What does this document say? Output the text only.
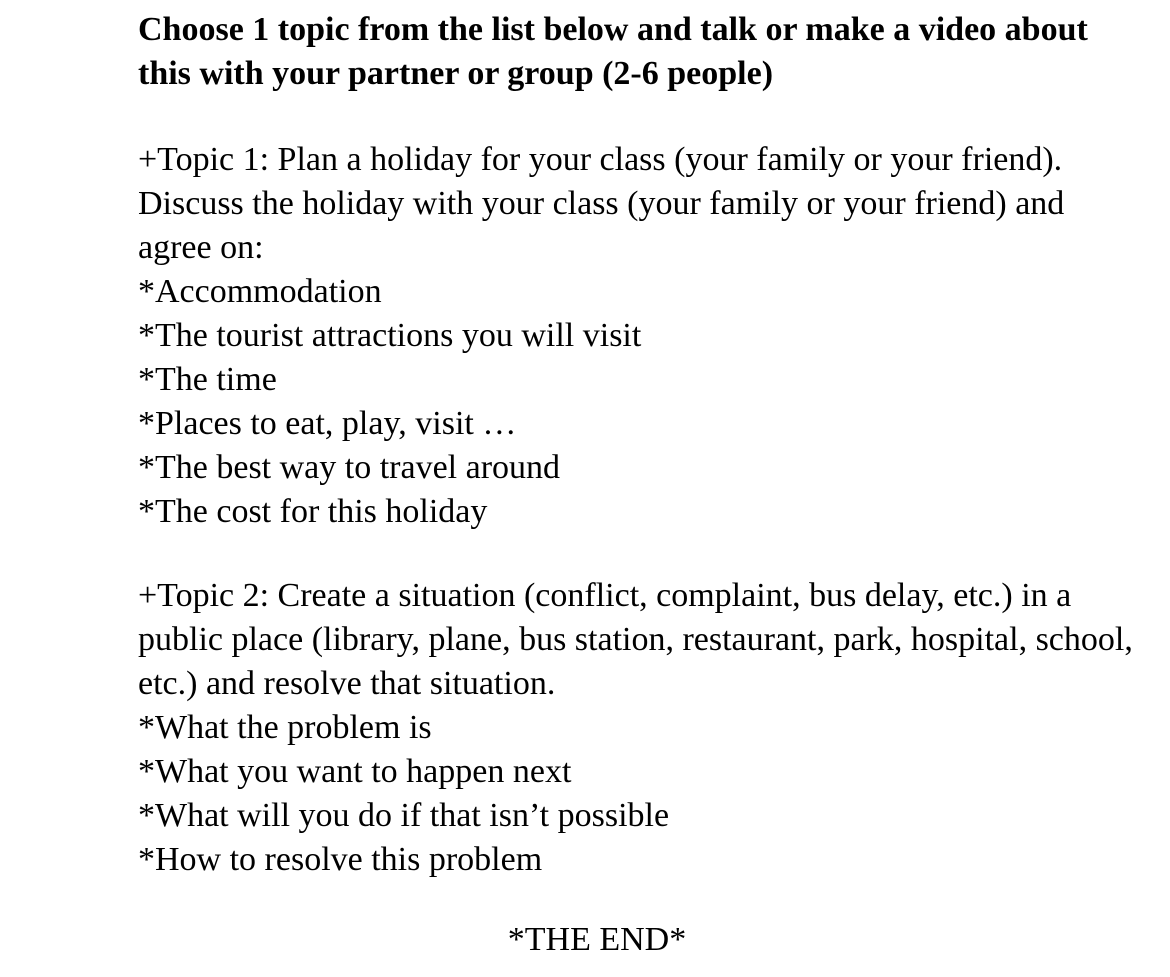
Choose 1 topic from the list below and talk or make a video about this with your partner or group (2-6 people)

+Topic 1: Plan a holiday for your class (your family or your friend). Discuss the holiday with your class (your family or your friend) and agree on:

*Accommodation
*The tourist attractions you will visit
*The time
*Places to eat, play, visit …
*The best way to travel around
*The cost for this holiday

+Topic 2: Create a situation (conflict, complaint, bus delay, etc.) in a public place (library, plane, bus station, restaurant, park, hospital, school, etc.) and resolve that situation.

*What the problem is
*What you want to happen next
*What will you do if that isn’t possible
*How to resolve this problem
*THE END*
